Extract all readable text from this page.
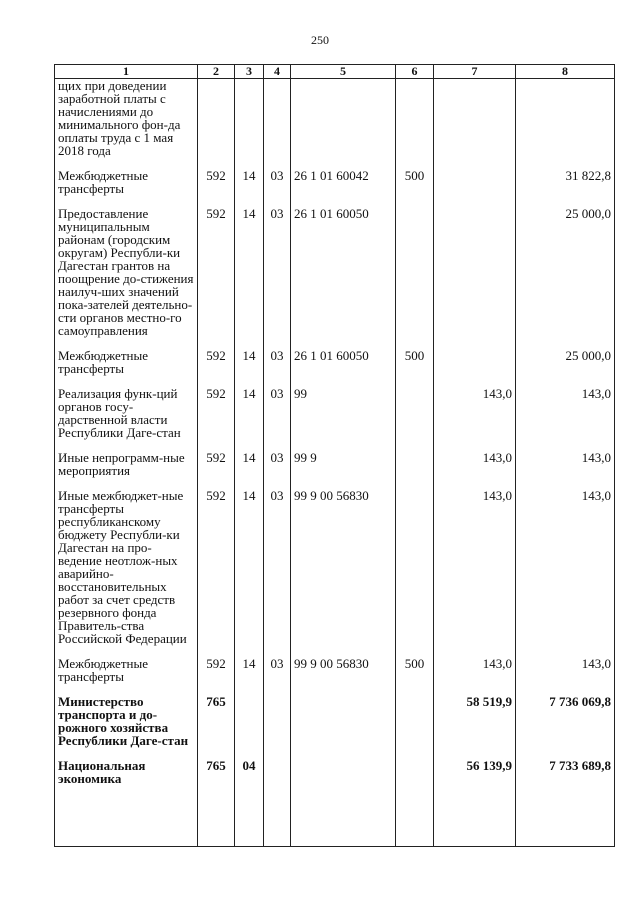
250
1	2	3	4	5	6	7	8
щих при доведении заработной платы с начислениями до минимального фон-да оплаты труда с 1 мая 2018 года							
Межбюджетные трансферты	592	14	03	26 1 01 60042	500		31 822,8
Предоставление муниципальным районам (городским округам) Республи-ки Дагестан грантов на поощрение до-стижения наилуч-ших значений пока-зателей деятельно-сти органов местно-го самоуправления	592	14	03	26 1 01 60050			25 000,0
Межбюджетные трансферты	592	14	03	26 1 01 60050	500		25 000,0
Реализация функ-ций органов госу-дарственной власти Республики Даге-стан	592	14	03	99		143,0	143,0
Иные непрограмм-ные мероприятия	592	14	03	99 9		143,0	143,0
Иные межбюджет-ные трансферты республиканскому бюджету Республи-ки Дагестан на про-ведение неотлож-ных аварийно-восстановительных работ за счет средств резервного фонда Правитель-ства Российской Федерации	592	14	03	99 9 00 56830		143,0	143,0
Межбюджетные трансферты	592	14	03	99 9 00 56830	500	143,0	143,0
Министерство транспорта и до-рожного хозяйства Республики Даге-стан	765					58 519,9	7 736 069,8
Национальная экономика	765	04				56 139,9	7 733 689,8
